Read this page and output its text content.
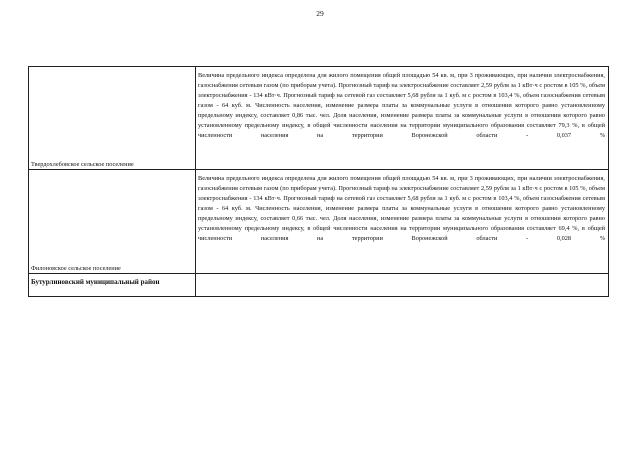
29
Твердохлебовское сельское поселение	Величина предельного индекса определена для жилого помещения общей площадью 54 кв. м, при 3 проживающих, при наличии электроснабжения, газоснабжения сетевым газом (по приборам учета). Прогнозный тариф на электроснабжение составляет 2,59 рубля за 1 кВт·ч с ростом в 105 %, объем электроснабжения - 134 кВт·ч. Прогнозный тариф на сетевой газ составляет 5,68 рубля за 1 куб. м с ростом в 103,4 %, объем газоснабжения сетевым газом - 64 куб. м. Численность населения, изменение размера платы за коммунальные услуги в отношении которого равно установленному предельному индексу, составляет 0,86 тыс. чел. Доля населения, изменение размера платы за коммунальные услуги в отношении которого равно установленному предельному индексу, в общей численности населения на территории муниципального образования составляет 79,3 %, в общей численности населения на территории Воронежской области - 0,037 %

Филоновское сельское поселение	Величина предельного индекса определена для жилого помещения общей площадью 54 кв. м, при 3 проживающих, при наличии электроснабжения, газоснабжения сетевым газом (по приборам учета). Прогнозный тариф на электроснабжение составляет 2,59 рубля за 1 кВт·ч с ростом в 105 %, объем электроснабжения - 134 кВт·ч. Прогнозный тариф на сетевой газ составляет 5,68 рубля за 1 куб. м с ростом в 103,4 %, объем газоснабжения сетевым газом - 64 куб. м. Численность населения, изменение размера платы за коммунальные услуги в отношении которого равно установленному предельному индексу, составляет 0,66 тыс. чел. Доля населения, изменение размера платы за коммунальные услуги в отношении которого равно установленному предельному индексу, в общей численности населения на территории муниципального образования составляет 69,4 %, в общей численности населения на территории Воронежской области - 0,028 %

Бутурлиновский муниципальный район	
